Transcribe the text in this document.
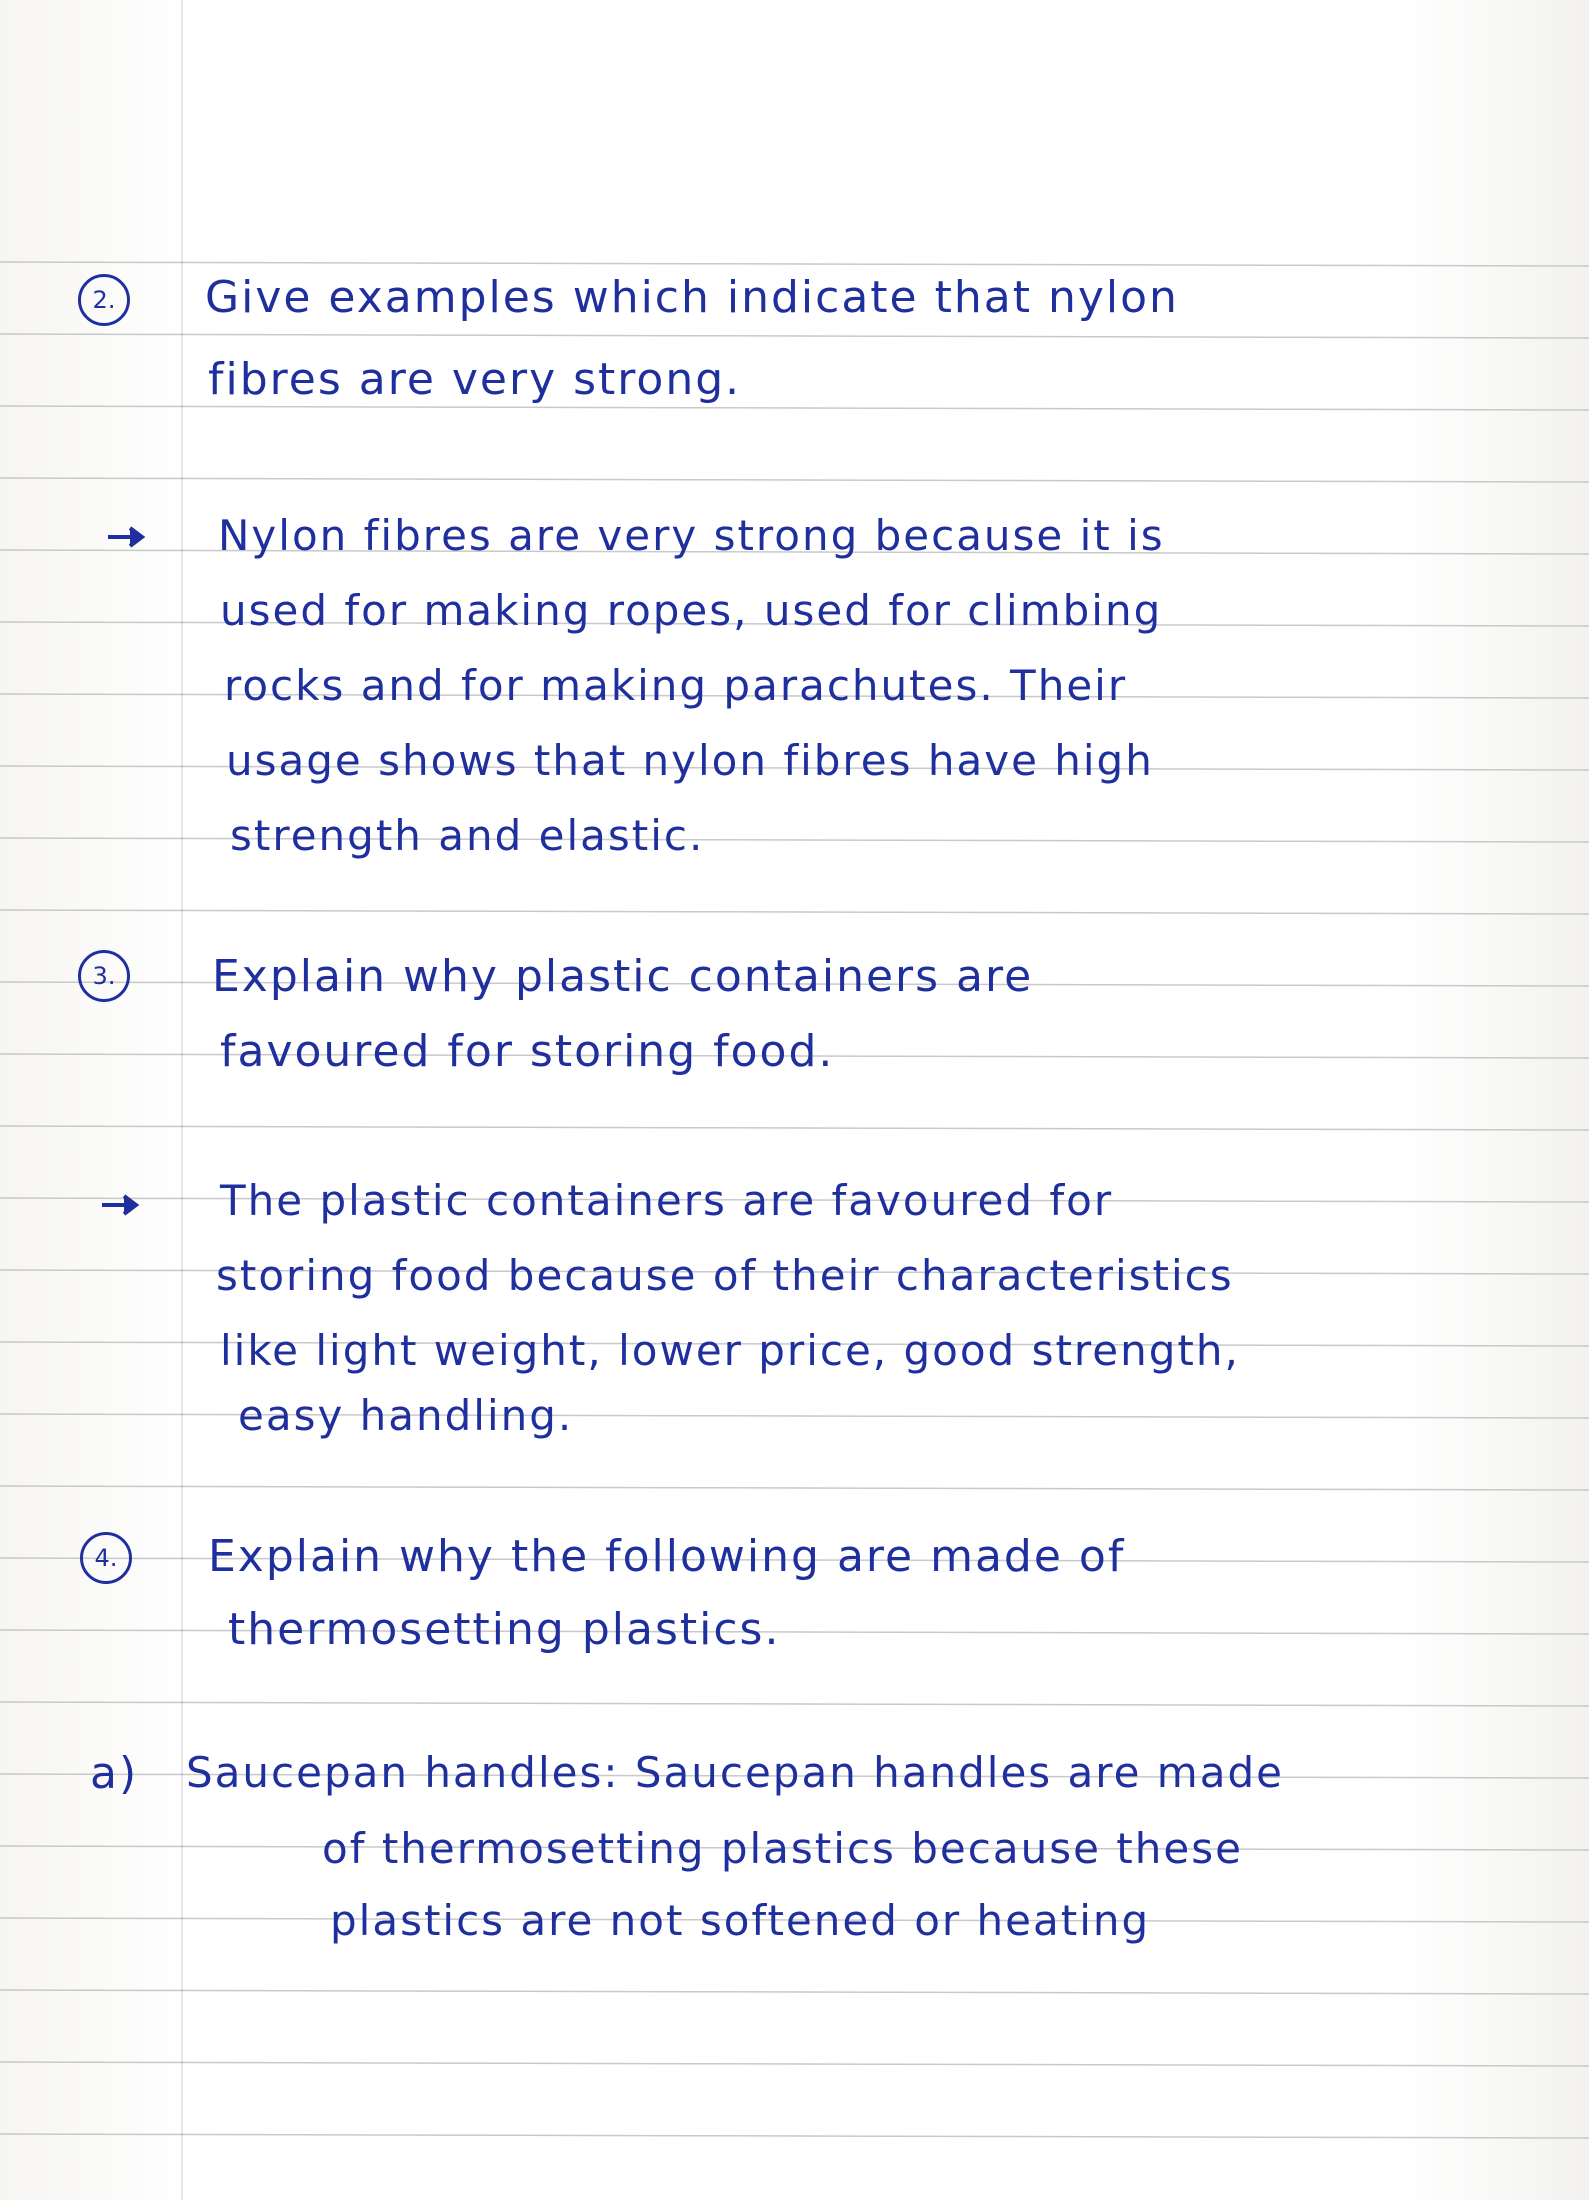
2. Give examples which indicate that nylon
fibres are very strong.
Nylon fibres are very strong because it is
used for making ropes, used for climbing
rocks and for making parachutes. Their
usage shows that nylon fibres have high
strength and elastic.
3. Explain why plastic containers are
favoured for storing food.
The plastic containers are favoured for
storing food because of their characteristics
like light weight, lower price, good strength,
easy handling.
4. Explain why the following are made of
thermosetting plastics.
a) Saucepan handles: Saucepan handles are made
of thermosetting plastics because these
plastics are not softened or heating
